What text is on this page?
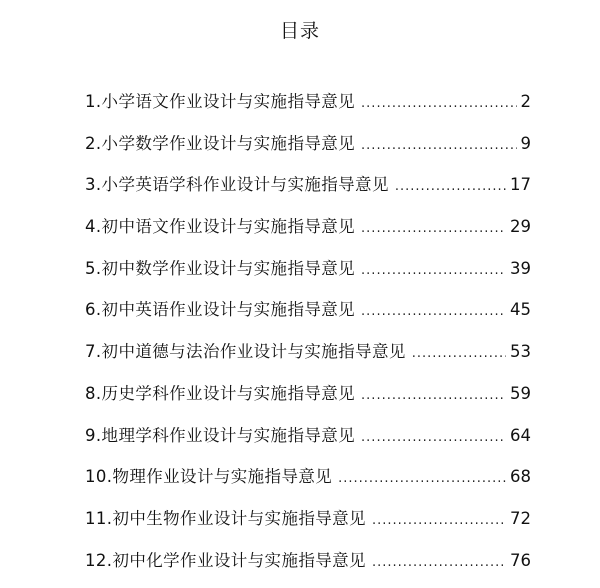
目录
1.小学语文作业设计与实施指导意见 .....	2
2.小学数学作业设计与实施指导意见 .....	9
3.小学英语学科作业设计与实施指导意见 .....	17
4.初中语文作业设计与实施指导意见 .....	29
5.初中数学作业设计与实施指导意见 .....	39
6.初中英语作业设计与实施指导意见 .....	45
7.初中道德与法治作业设计与实施指导意见 .....	53
8.历史学科作业设计与实施指导意见 .....	59
9.地理学科作业设计与实施指导意见 .....	64
10.物理作业设计与实施指导意见 .....	68
11.初中生物作业设计与实施指导意见 .....	72
12.初中化学作业设计与实施指导意见 .....	76
